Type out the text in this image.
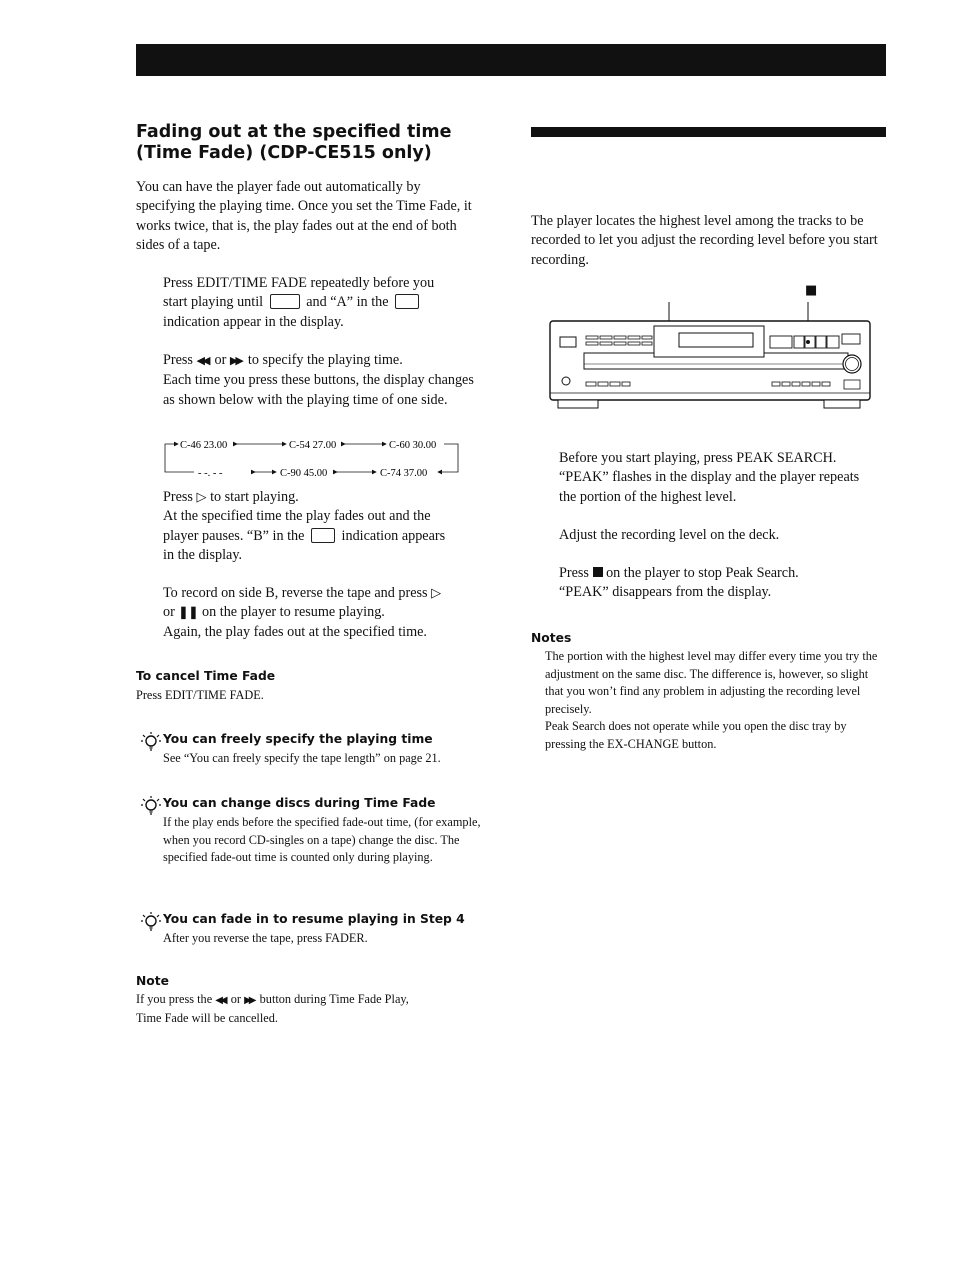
Fading out at the specified time
(Time Fade) (CDP-CE515 only)
You can have the player fade out automatically by specifying the playing time. Once you set the Time Fade, it works twice, that is, the play fades out at the end of both sides of a tape.
Press EDIT/TIME FADE repeatedly before you
start playing until	and “A” in the
indication appear in the display.
Press ◀◀ or ▶▶ to specify the playing time.
Each time you press these buttons, the display changes as shown below with the playing time of one side.
C-46 23.00	C-54 27.00	C-60 30.00
C-74 37.00
C-90 45.00
- -. - -
Press ▷ to start playing.
At the specified time the play fades out and the
player pauses. “B” in the	indication appears
in the display.
To record on side B, reverse the tape and press ▷
or ❚❚ on the player to resume playing.
Again, the play fades out at the specified time.
To cancel Time Fade
Press EDIT/TIME FADE.
You can freely specify the playing time
See “You can freely specify the tape length” on page 21.
You can change discs during Time Fade
If the play ends before the specified fade-out time, (for example, when you record CD-singles on a tape) change the disc. The specified fade-out time is counted only during playing.
You can fade in to resume playing in Step 4
After you reverse the tape, press FADER.
Note
If you press the ◀◀ or ▶▶ button during Time Fade Play,
Time Fade will be cancelled.
The player locates the highest level among the tracks to be recorded to let you adjust the recording level before you start recording.
■
Before you start playing, press PEAK SEARCH. “PEAK” flashes in the display and the player repeats the portion of the highest level.
Adjust the recording level on the deck.
Press on the player to stop Peak Search.
“PEAK” disappears from the display.
Notes
The portion with the highest level may differ every time you try the adjustment on the same disc. The difference is, however, so slight that you won’t find any problem in adjusting the recording level precisely.
Peak Search does not operate while you open the disc tray by pressing the EX-CHANGE button.
